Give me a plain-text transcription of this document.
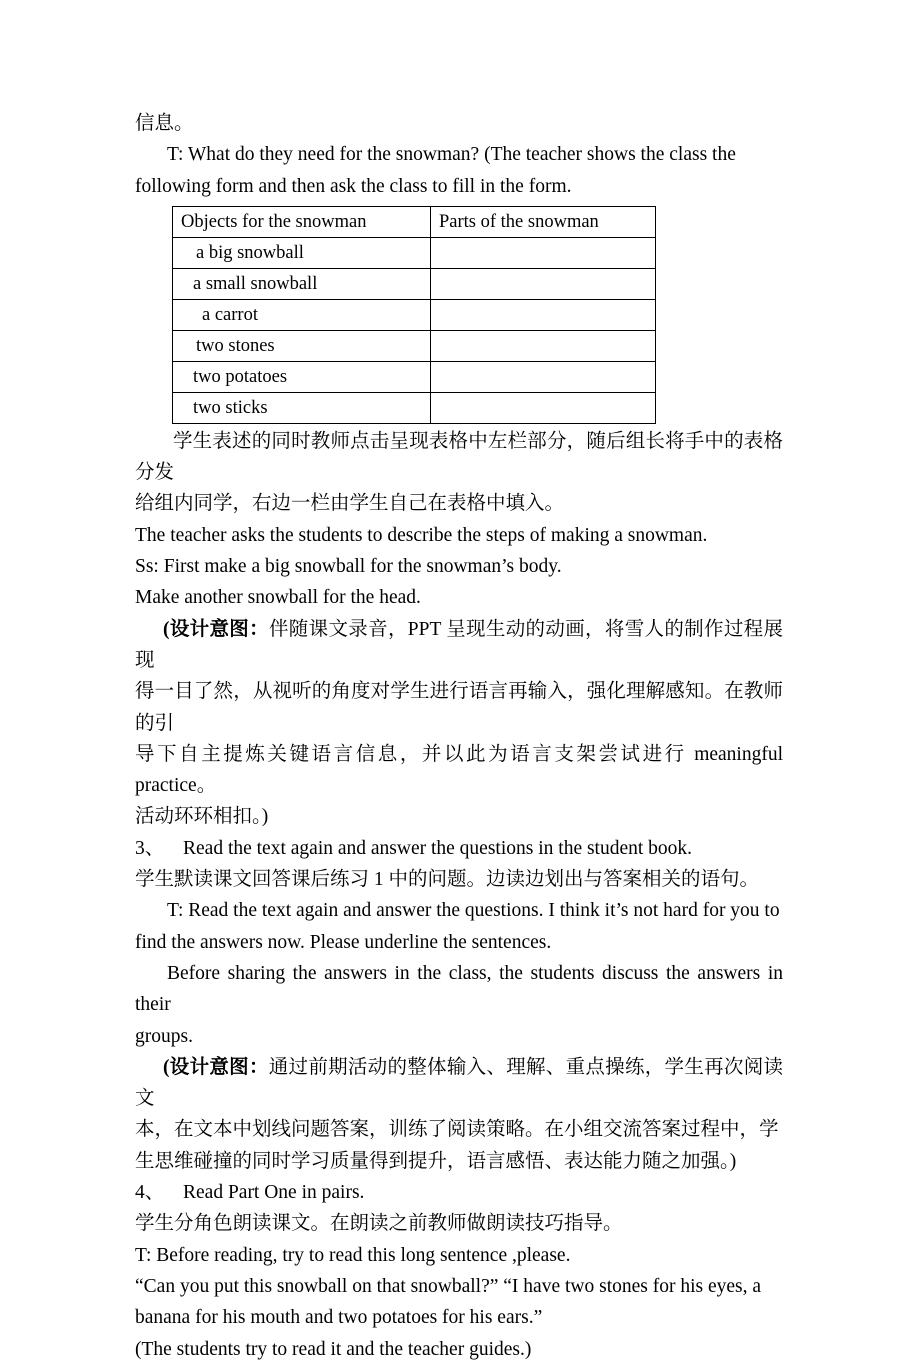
信息。

T: What do they need for the snowman? (The teacher shows the class the

following form and then ask the class to fill in the form.

Objects for the snowman	Parts of the snowman
a big snowball	
a small snowball	
a carrot	
two stones	
two potatoes	
two sticks	

学生表述的同时教师点击呈现表格中左栏部分，随后组长将手中的表格分发

给组内同学，右边一栏由学生自己在表格中填入。

The teacher asks the students to describe the steps of making a snowman.

Ss: First make a big snowball for the snowman’s body.

Make another snowball for the head.

(设计意图：伴随课文录音，PPT 呈现生动的动画，将雪人的制作过程展现

得一目了然，从视听的角度对学生进行语言再输入，强化理解感知。在教师的引

导下自主提炼关键语言信息，并以此为语言支架尝试进行 meaningful practice。

活动环环相扣。)

3、 Read the text again and answer the questions in the student book.

学生默读课文回答课后练习 1 中的问题。边读边划出与答案相关的语句。

T: Read the text again and answer the questions. I think it’s not hard for you to

find the answers now. Please underline the sentences.

Before sharing the answers in the class, the students discuss the answers in their

groups.

(设计意图：通过前期活动的整体输入、理解、重点操练，学生再次阅读文

本，在文本中划线问题答案，训练了阅读策略。在小组交流答案过程中，学

生思维碰撞的同时学习质量得到提升，语言感悟、表达能力随之加强。)

4、 Read Part One in pairs.

学生分角色朗读课文。在朗读之前教师做朗读技巧指导。

T: Before reading, try to read this long sentence ,please.

“Can you put this snowball on that snowball?” “I have two stones for his eyes, a

banana for his mouth and two potatoes for his ears.”

(The students try to read it and the teacher guides.)
